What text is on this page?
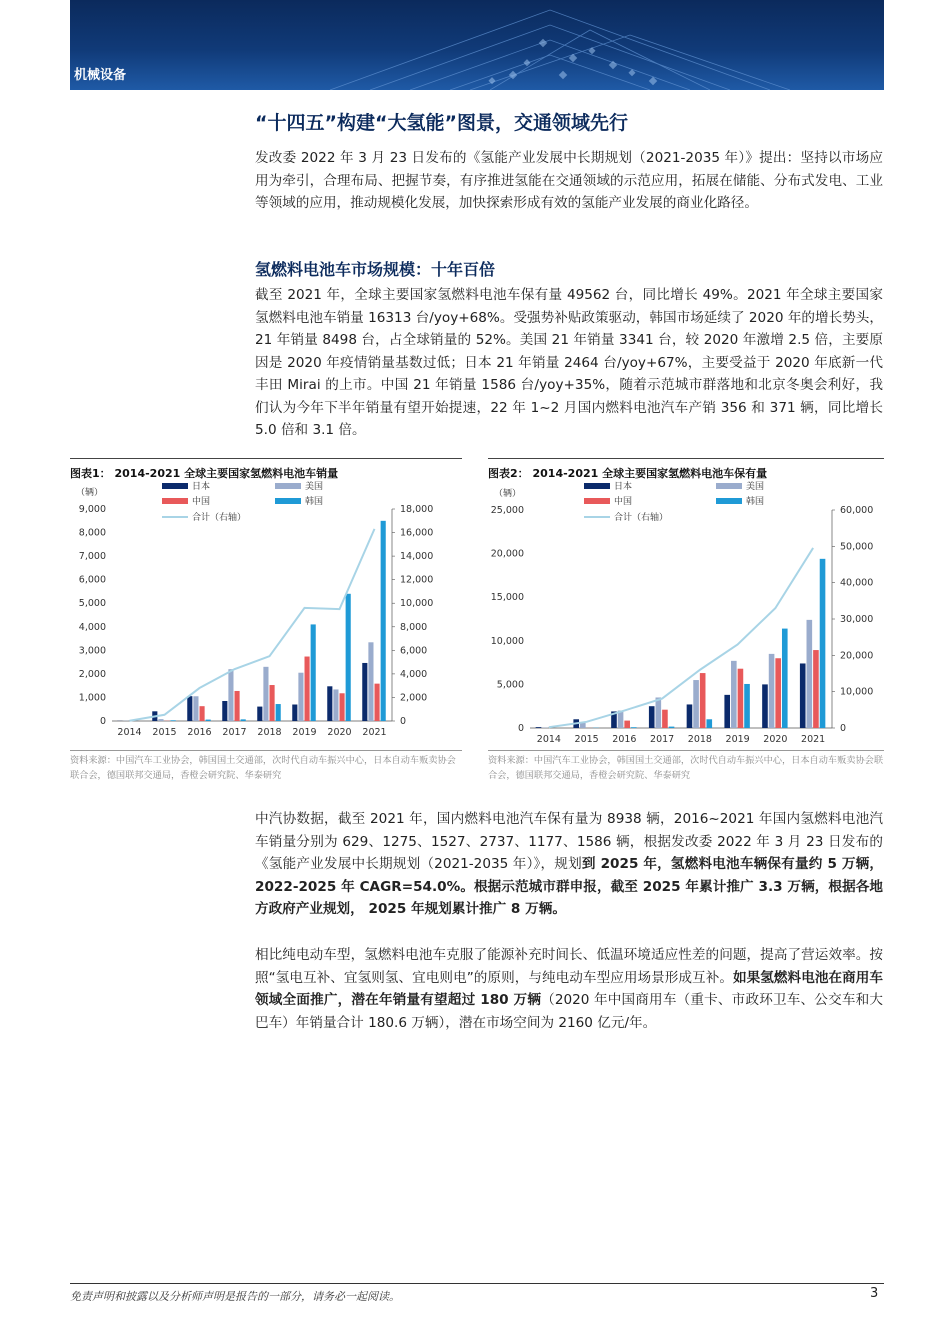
机械设备
“十四五”构建“大氢能”图景，交通领域先行
发改委 2022 年 3 月 23 日发布的《氢能产业发展中长期规划（2021-2035 年）》提出：坚持以市场应用为牵引，合理布局、把握节奏，有序推进氢能在交通领域的示范应用，拓展在储能、分布式发电、工业等领域的应用，推动规模化发展，加快探索形成有效的氢能产业发展的商业化路径。
氢燃料电池车市场规模：十年百倍
截至 2021 年，全球主要国家氢燃料电池车保有量 49562 台，同比增长 49%。2021 年全球主要国家氢燃料电池车销量 16313 台/yoy+68%。受强势补贴政策驱动，韩国市场延续了 2020 年的增长势头，21 年销量 8498 台，占全球销量的 52%。美国 21 年销量 3341 台，较 2020 年激增 2.5 倍，主要原因是 2020 年疫情销量基数过低；日本 21 年销量 2464 台/yoy+67%，主要受益于 2020 年底新一代丰田 Mirai 的上市。中国 21 年销量 1586 台/yoy+35%，随着示范城市群落地和北京冬奥会利好，我们认为今年下半年销量有望开始提速，22 年 1~2 月国内燃料电池汽车产销 356 和 371 辆，同比增长 5.0 倍和 3.1 倍。
图表1： 2014-2021 全球主要国家氢燃料电池车销量
（辆）
0
1,000
2,000
3,000
4,000
5,000
6,000
7,000
8,000
9,000
0
2,000
4,000
6,000
8,000
10,000
12,000
14,000
16,000
18,000
2014 2015 2016 2017 2018 2019 2020 2021
日本	美国
中国	韩国
合计（右轴）
资料来源：中国汽车工业协会，韩国国土交通部，次时代自动车振兴中心，日本自动车贩卖协会联合会，德国联邦交通局，香橙会研究院、华泰研究
图表2： 2014-2021 全球主要国家氢燃料电池车保有量
（辆）
0
5,000
10,000
15,000
20,000
25,000
0
10,000
20,000
30,000
40,000
50,000
60,000
2014 2015 2016 2017 2018 2019 2020 2021
日本	美国
中国	韩国
合计（右轴）
资料来源：中国汽车工业协会，韩国国土交通部，次时代自动车振兴中心，日本自动车贩卖协会联合会，德国联邦交通局，香橙会研究院、华泰研究
中汽协数据，截至 2021 年，国内燃料电池汽车保有量为 8938 辆，2016~2021 年国内氢燃料电池汽车销量分别为 629、1275、1527、2737、1177、1586 辆，根据发改委 2022 年 3 月 23 日发布的《氢能产业发展中长期规划（2021-2035 年）》，规划到 2025 年，氢燃料电池车辆保有量约 5 万辆，2022-2025 年 CAGR=54.0%。根据示范城市群申报，截至 2025 年累计推广 3.3 万辆，根据各地方政府产业规划， 2025 年规划累计推广 8 万辆。
相比纯电动车型，氢燃料电池车克服了能源补充时间长、低温环境适应性差的问题，提高了营运效率。按照“氢电互补、宜氢则氢、宜电则电”的原则，与纯电动车型应用场景形成互补。如果氢燃料电池在商用车领域全面推广，潜在年销量有望超过 180 万辆（2020 年中国商用车（重卡、市政环卫车、公交车和大巴车）年销量合计 180.6 万辆），潜在市场空间为 2160 亿元/年。
免责声明和披露以及分析师声明是报告的一部分，请务必一起阅读。	3
